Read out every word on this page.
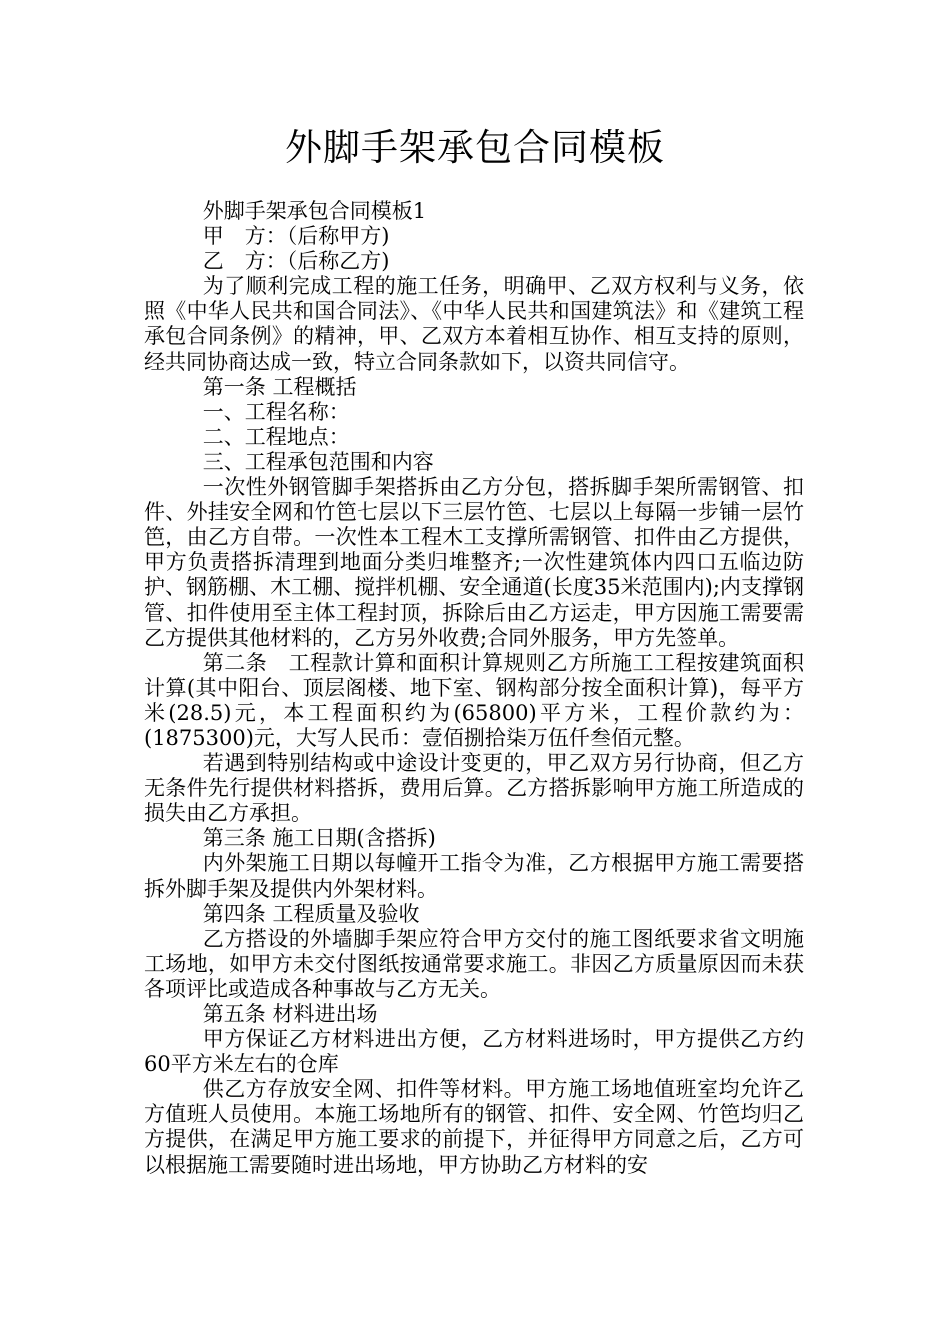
外脚手架承包合同模板

外脚手架承包合同模板1

甲　方：（后称甲方)

乙　方：（后称乙方)

为了顺利完成工程的施工任务，明确甲、乙双方权利与义务，依照《中华人民共和国合同法》、《中华人民共和国建筑法》和《建筑工程承包合同条例》的精神，甲、乙双方本着相互协作、相互支持的原则，经共同协商达成一致，特立合同条款如下，以资共同信守。

第一条 工程概括

一、工程名称：

二、工程地点：

三、工程承包范围和内容

一次性外钢管脚手架搭拆由乙方分包，搭拆脚手架所需钢管、扣件、外挂安全网和竹笆七层以下三层竹笆、七层以上每隔一步铺一层竹笆，由乙方自带。一次性本工程木工支撑所需钢管、扣件由乙方提供，甲方负责搭拆清理到地面分类归堆整齐;一次性建筑体内四口五临边防护、钢筋棚、木工棚、搅拌机棚、安全通道(长度35米范围内);内支撑钢管、扣件使用至主体工程封顶，拆除后由乙方运走，甲方因施工需要需乙方提供其他材料的，乙方另外收费;合同外服务，甲方先签单。

第二条　工程款计算和面积计算规则乙方所施工工程按建筑面积计算(其中阳台、顶层阁楼、地下室、钢构部分按全面积计算)，每平方米(28.5)元，本工程面积约为(65800)平方米，工程价款约为：(1875300)元，大写人民币：壹佰捌拾柒万伍仟叁佰元整。

若遇到特别结构或中途设计变更的，甲乙双方另行协商，但乙方无条件先行提供材料搭拆，费用后算。乙方搭拆影响甲方施工所造成的损失由乙方承担。

第三条 施工日期(含搭拆)

内外架施工日期以每幢开工指令为准，乙方根据甲方施工需要搭拆外脚手架及提供内外架材料。

第四条 工程质量及验收

乙方搭设的外墙脚手架应符合甲方交付的施工图纸要求省文明施工场地，如甲方未交付图纸按通常要求施工。非因乙方质量原因而未获各项评比或造成各种事故与乙方无关。

第五条 材料进出场

甲方保证乙方材料进出方便，乙方材料进场时，甲方提供乙方约60平方米左右的仓库

供乙方存放安全网、扣件等材料。甲方施工场地值班室均允许乙方值班人员使用。本施工场地所有的钢管、扣件、安全网、竹笆均归乙方提供，在满足甲方施工要求的前提下，并征得甲方同意之后，乙方可以根据施工需要随时进出场地，甲方协助乙方材料的安
